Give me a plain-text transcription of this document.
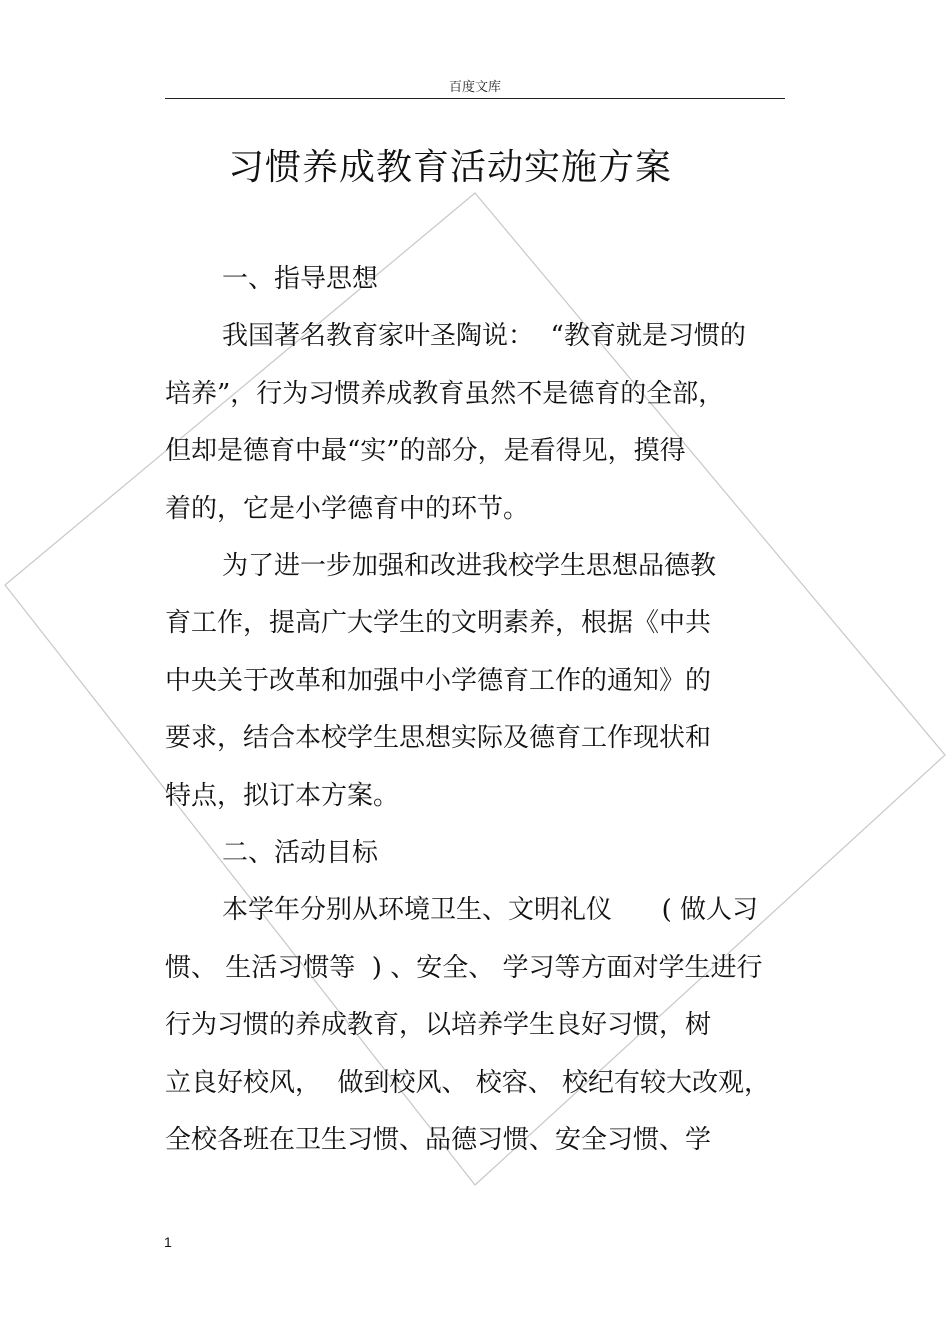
百度文库
习惯养成教育活动实施方案
一、指导思想
我国著名教育家叶圣陶说：  “教育就是习惯的
培养”，行为习惯养成教育虽然不是德育的全部，
但却是德育中最“实”的部分，是看得见，摸得
着的，它是小学德育中的环节。
为了进一步加强和改进我校学生思想品德教
育工作，提高广大学生的文明素养，根据《中共
中央关于改革和加强中小学德育工作的通知》的
要求，结合本校学生思想实际及德育工作现状和
特点，拟订本方案。
二、活动目标
本学年分别从环境卫生、文明礼仪      ( 做人习
惯、 生活习惯等  ) 、安全、 学习等方面对学生进行
行为习惯的养成教育，以培养学生良好习惯，树
立良好校风，  做到校风、 校容、 校纪有较大改观，
全校各班在卫生习惯、品德习惯、安全习惯、学
1
